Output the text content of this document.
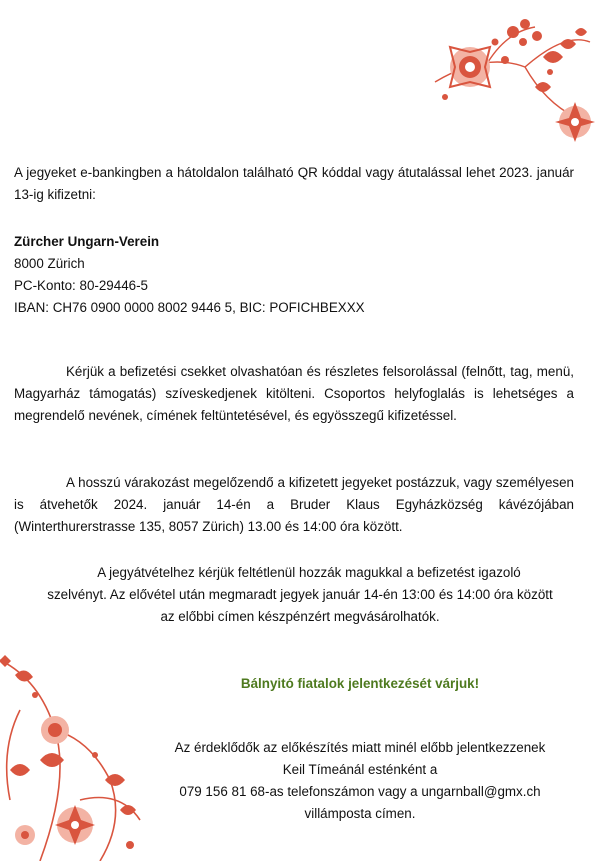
A jegyeket e-bankingben a hátoldalon található QR kóddal vagy átutalással lehet 2023. január 13-ig kifizetni:

Zürcher Ungarn-Verein
8000 Zürich
PC-Konto: 80-29446-5
IBAN: CH76 0900 0000 8002 9446 5, BIC: POFICHBEXXX

Kérjük a befizetési csekket olvashatóan és részletes felsorolással (felnőtt, tag, menü, Magyarház támogatás) szíveskedjenek kitölteni. Csoportos helyfoglalás is lehetséges a megrendelő nevének, címének feltüntetésével, és egyösszegű kifizetéssel.

A hosszú várakozást megelőzendő a kifizetett jegyeket postázzuk, vagy személyesen is átvehetők 2024. január 14-én a Bruder Klaus Egyházközség kávézójában (Winterthurerstrasse 135, 8057 Zürich) 13.00 és 14:00 óra között.

A jegyátvételhez kérjük feltétlenül hozzák magukkal a befizetést igazoló
szelvényt. Az elővétel után megmaradt jegyek január 14-én 13:00 és 14:00 óra között
az előbbi címen készpénzért megvásárolhatók.

Bálnyitó fiatalok jelentkezését várjuk!

Az érdeklődők az előkészítés miatt minél előbb jelentkezzenek
Keil Tímeánál esténként a
079 156 81 68-as telefonszámon vagy a ungarnball@gmx.ch
villámposta címen.
